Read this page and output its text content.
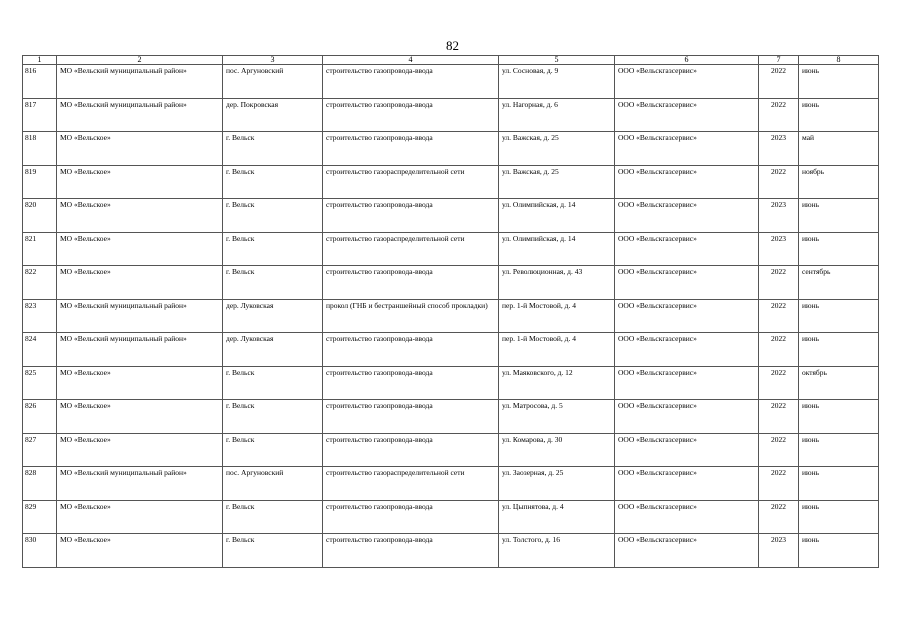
82
1	2	3	4	5	6	7	8
816	МО «Вельский муниципальный район»	пос. Аргуновский	строительство газопровода-ввода	ул. Сосновая, д. 9	ООО «Вельскгазсервис»	2022	июнь
817	МО «Вельский муниципальный район»	дер. Покровская	строительство газопровода-ввода	ул. Нагорная, д. 6	ООО «Вельскгазсервис»	2022	июнь
818	МО «Вельское»	г. Вельск	строительство газопровода-ввода	ул. Важская, д. 25	ООО «Вельскгазсервис»	2023	май
819	МО «Вельское»	г. Вельск	строительство газораспределительной сети	ул. Важская, д. 25	ООО «Вельскгазсервис»	2022	ноябрь
820	МО «Вельское»	г. Вельск	строительство газопровода-ввода	ул. Олимпийская, д. 14	ООО «Вельскгазсервис»	2023	июнь
821	МО «Вельское»	г. Вельск	строительство газораспределительной сети	ул. Олимпийская, д. 14	ООО «Вельскгазсервис»	2023	июнь
822	МО «Вельское»	г. Вельск	строительство газопровода-ввода	ул. Революционная, д. 43	ООО «Вельскгазсервис»	2022	сентябрь
823	МО «Вельский муниципальный район»	дер. Луковская	прокол (ГНБ и бестраншейный способ прокладки)	пер. 1-й Мостовой, д. 4	ООО «Вельскгазсервис»	2022	июнь
824	МО «Вельский муниципальный район»	дер. Луковская	строительство газопровода-ввода	пер. 1-й Мостовой, д. 4	ООО «Вельскгазсервис»	2022	июнь
825	МО «Вельское»	г. Вельск	строительство газопровода-ввода	ул. Маяковского, д. 12	ООО «Вельскгазсервис»	2022	октябрь
826	МО «Вельское»	г. Вельск	строительство газопровода-ввода	ул. Матросова, д. 5	ООО «Вельскгазсервис»	2022	июнь
827	МО «Вельское»	г. Вельск	строительство газопровода-ввода	ул. Комарова, д. 30	ООО «Вельскгазсервис»	2022	июнь
828	МО «Вельский муниципальный район»	пос. Аргуновский	строительство газораспределительной сети	ул. Заозерная, д. 25	ООО «Вельскгазсервис»	2022	июнь
829	МО «Вельское»	г. Вельск	строительство газопровода-ввода	ул. Цыпнятова, д. 4	ООО «Вельскгазсервис»	2022	июнь
830	МО «Вельское»	г. Вельск	строительство газопровода-ввода	ул. Толстого, д. 16	ООО «Вельскгазсервис»	2023	июнь
